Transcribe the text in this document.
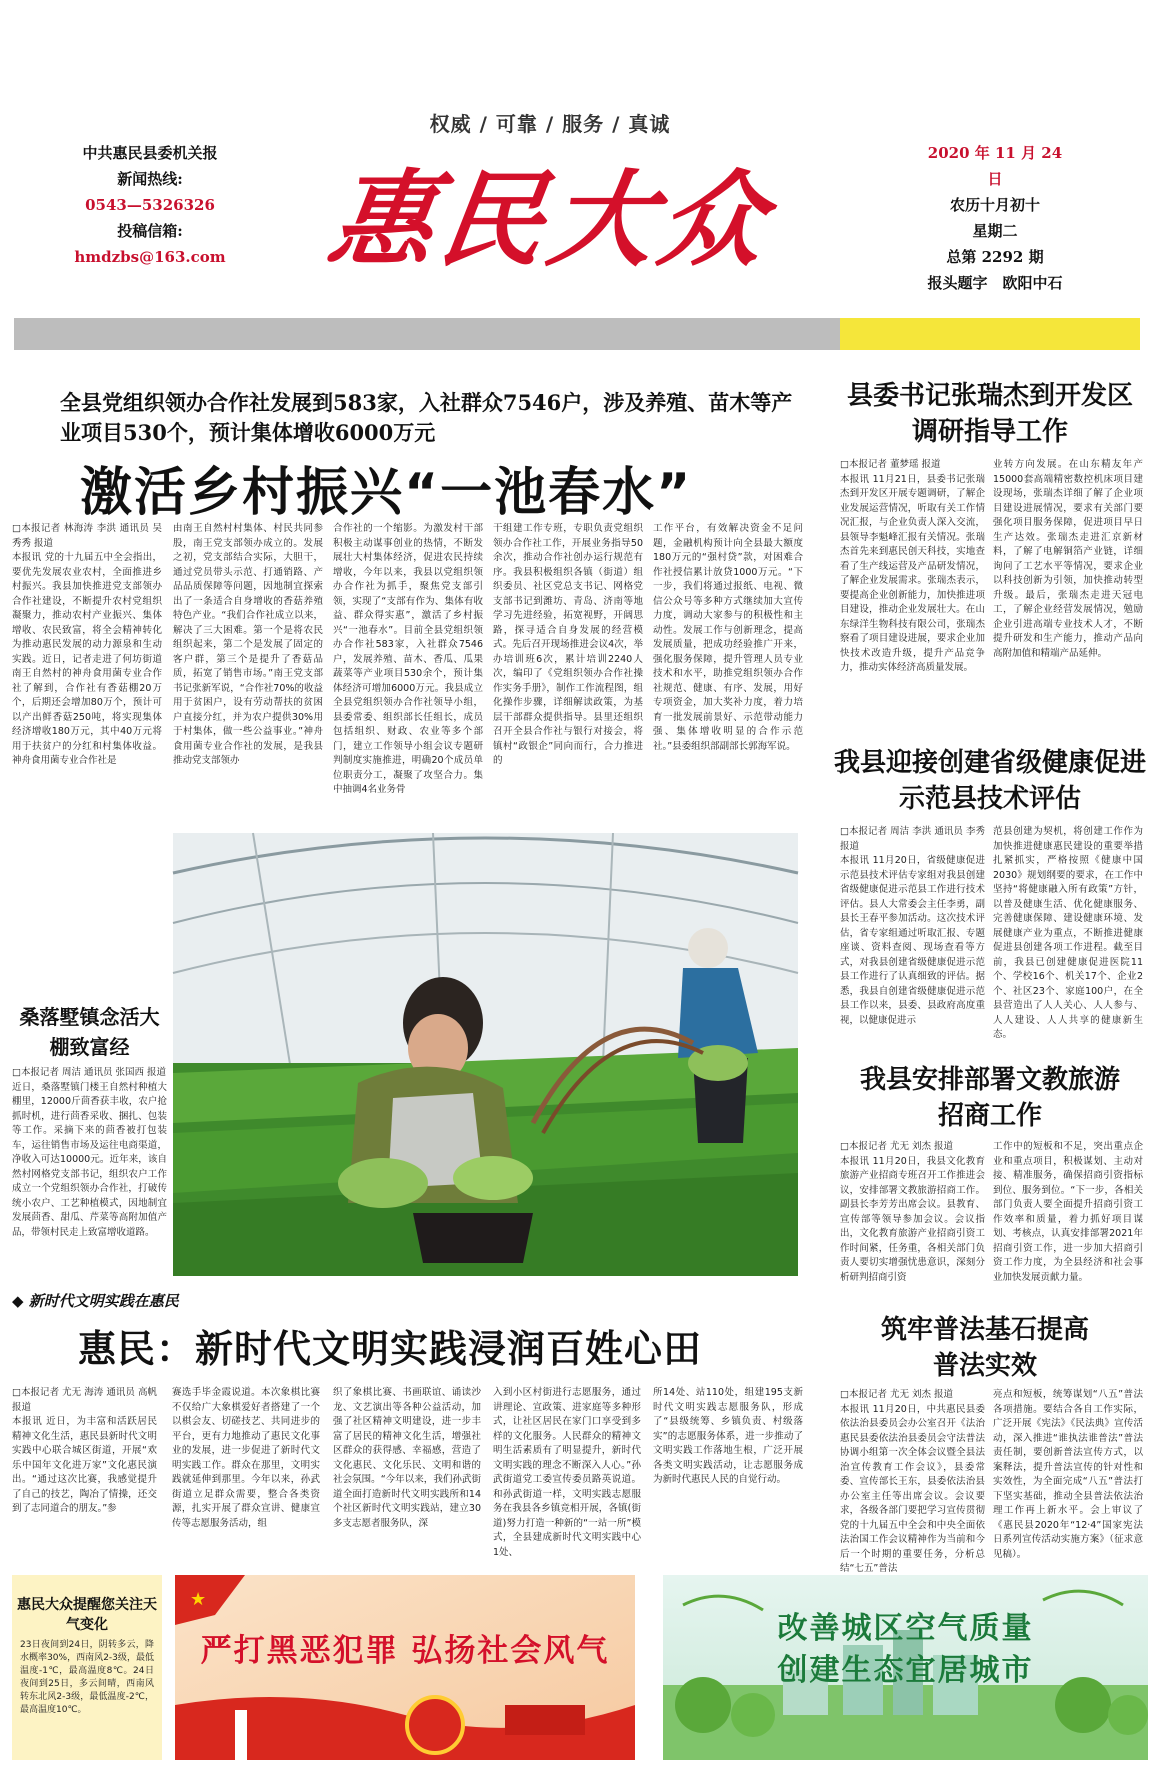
权威 / 可靠 / 服务 / 真诚
中共惠民县委机关报
新闻热线:
0543—5326326
投稿信箱:
hmdzbs@163.com 惠民大众
2020 年 11 月 24 日
农历十月初十
星期二
总第 2292 期
报头题字　欧阳中石
全县党组织领办合作社发展到583家，入社群众7546户，涉及养殖、苗木等产业项目530个，预计集体增收6000万元
激活乡村振兴“一池春水”
□本报记者 林海涛 李洪 通讯员 吴秀秀 报道
本报讯 党的十九届五中全会指出，要优先发展农业农村，全面推进乡村振兴。我县加快推进党支部领办合作社建设，不断提升农村党组织凝聚力，推动农村产业振兴、集体增收、农民致富，将全会精神转化为推动惠民发展的动力源泉和生动实践。近日，记者走进了何坊街道南王自然村的神舟食用菌专业合作社了解到，合作社有香菇棚20万个，后期还会增加80万个，预计可以产出鲜香菇250吨，将实现集体经济增收180万元，其中40万元将用于扶贫户的分红和村集体收益。神舟食用菌专业合作社是
由南王自然村村集体、村民共同参股，南王党支部领办成立的。发展之初，党支部结合实际，大胆干，通过党员带头示范、打通销路、产品品质保障等问题，因地制宜探索出了一条适合自身增收的香菇养殖特色产业。“我们合作社成立以来，解决了三大困难。第一个是将农民组织起来，第二个是发展了固定的客户群，第三个是提升了香菇品质，拓宽了销售市场。”南王党支部书记张新军说，“合作社70%的收益用于贫困户，设有劳动帮扶的贫困户直接分红，并为农户提供30%用于村集体，做一些公益事业。”神舟食用菌专业合作社的发展，是我县推动党支部领办
合作社的一个缩影。为激发村干部积极主动谋事创业的热情，不断发展壮大村集体经济，促进农民持续增收，今年以来，我县以党组织领办合作社为抓手，聚焦党支部引领，实现了“支部有作为、集体有收益、群众得实惠”，激活了乡村振兴“一池春水”。目前全县党组织领办合作社583家，入社群众7546户，发展养殖、苗木、香瓜、瓜果蔬菜等产业项目530余个，预计集体经济可增加6000万元。我县成立全县党组织领办合作社领导小组，县委常委、组织部长任组长，成员包括组织、财政、农业等多个部门，建立工作领导小组会议专题研判制度实施推进，明确20个成员单位职责分工，凝聚了攻坚合力。集中抽调4名业务骨
干组建工作专班，专职负责党组织领办合作社工作，开展业务指导50余次，推动合作社创办运行规范有序。我县积极组织各镇（街道）组织委员、社区党总支书记、网格党支部书记到潍坊、青岛、济南等地学习先进经验，拓宽视野，开阔思路，探寻适合自身发展的经营模式。先后召开现场推进会议4次，举办培训班6次，累计培训2240人次，编印了《党组织领办合作社操作实务手册》，制作工作流程图，组化操作步骤，详细解读政策，为基层干部群众提供指导。县里还组织召开全县合作社与银行对接会，将镇村“政银企”同向而行，合力推进的
工作平台，有效解决资金不足问题，金融机构预计向全县最大额度180万元的“强村贷”款，对困难合作社授信累计放贷1000万元。“下一步，我们将通过报纸、电视、微信公众号等多种方式继续加大宣传力度，调动大家参与的积极性和主动性。发展工作与创新理念，提高发展质量，把成功经验推广开来，强化服务保障，提升管理人员专业技术和水平，助推党组织领办合作社规范、健康、有序、发展，用好专项资金，加大奖补力度，着力培育一批发展前景好、示范带动能力强、集体增收明显的合作示范社。”县委组织部副部长郭海军说。
县委书记张瑞杰到开发区调研指导工作
□本报记者 董梦瑶 报道
本报讯 11月21日，县委书记张瑞杰到开发区开展专题调研，了解企业发展运营情况，听取有关工作情况汇报，与企业负责人深入交流，县领导李魁峰汇报有关情况。张瑞杰首先来到惠民创天科技，实地查看了生产线运营及产品研发情况，了解企业发展需求。张瑞杰表示，要提高企业创新能力，加快推进项目建设，推动企业发展壮大。在山东绿洋生物科技有限公司，张瑞杰察看了项目建设进展，要求企业加快技术改造升级，提升产品竞争力，推动实体经济高质量发展。
业转方向发展。在山东精友年产15000套高端精密数控机床项目建设现场，张瑞杰详细了解了企业项目建设进展情况，要求有关部门要强化项目服务保障，促进项目早日生产达效。张瑞杰走进汇京新材料，了解了电解铜箔产业链，详细询问了工艺水平等情况，要求企业以科技创新为引领，加快推动转型升级。最后，张瑞杰走进天冠电工，了解企业经营发展情况，勉励企业引进高端专业技术人才，不断提升研发和生产能力，推动产品向高附加值和精端产品延伸。
我县迎接创建省级健康促进示范县技术评估
□本报记者 周洁 李洪 通讯员 李秀 报道
本报讯 11月20日，省级健康促进示范县技术评估专家组对我县创建省级健康促进示范县工作进行技术评估。县人大常委会主任李勇，副县长王春平参加活动。这次技术评估，省专家组通过听取汇报、专题座谈、资料查阅、现场查看等方式，对我县创建省级健康促进示范县工作进行了认真细致的评估。据悉，我县自创建省级健康促进示范县工作以来，县委、县政府高度重视，以健康促进示
范县创建为契机，将创建工作作为加快推进健康惠民建设的重要举措扎紧抓实，严格按照《健康中国2030》规划纲要的要求，在工作中坚持“将健康融入所有政策”方针，以普及健康生活、优化健康服务、完善健康保障、建设健康环境、发展健康产业为重点，不断推进健康促进县创建各项工作进程。截至目前，我县已创建健康促进医院11个、学校16个、机关17个、企业2个、社区23个、家庭100户，在全县营造出了人人关心、人人参与、人人建设、人人共享的健康新生态。
我县安排部署文教旅游招商工作
□本报记者 尤无 刘杰 报道
本报讯 11月20日，我县文化教育旅游产业招商专班召开工作推进会议，安排部署文教旅游招商工作。副县长李芳芳出席会议。县教育、宣传部等领导参加会议。会议指出，文化教育旅游产业招商引资工作时间紧，任务重，各相关部门负责人要切实增强忧患意识，深刻分析研判招商引资
工作中的短板和不足，突出重点企业和重点项目，积极谋划、主动对接、精准服务，确保招商引资指标到位、服务到位。“下一步，各相关部门负责人要全面提升招商引资工作效率和质量，着力抓好项目谋划、考核点，认真安排部署2021年招商引资工作，进一步加大招商引资工作力度，为全县经济和社会事业加快发展贡献力量。
筑牢普法基石提高普法实效
□本报记者 尤无 刘杰 报道
本报讯 11月20日，中共惠民县委依法治县委员会办公室召开《法治惠民县委依法治县委员会守法普法协调小组第一次全体会议暨全县法治宣传教育工作会议》，县委常委、宣传部长王东，县委依法治县办公室主任等出席会议。会议要求，各级各部门要把学习宣传贯彻党的十九届五中全会和中央全面依法治国工作会议精神作为当前和今后一个时期的重要任务，分析总结“七五”普法
亮点和短板，统筹谋划“八五”普法各项措施。要结合各自工作实际，广泛开展《宪法》《民法典》宣传活动，深入推进“谁执法谁普法”普法责任制，要创新普法宣传方式，以案释法，提升普法宣传的针对性和实效性，为全面完成“八五”普法打下坚实基础，推动全县普法依法治理工作再上新水平。会上审议了《惠民县2020年“12·4”国家宪法日系列宣传活动实施方案》（征求意见稿）。
桑落墅镇念活大棚致富经
□本报记者 周洁 通讯员 张国西 报道
近日，桑落墅镇门楼王自然村种植大棚里，12000斤茴香获丰收，农户抢抓时机，进行茴香采收、捆扎、包装等工作。采摘下来的茴香被打包装车，运往销售市场及运往电商渠道，净收入可达10000元。近年来，该自然村网格党支部书记，组织农户工作成立一个党组织领办合作社，打破传统小农户、工艺种植模式，因地制宜发展茴香、甜瓜、芹菜等高附加值产品，带领村民走上致富增收道路。
◆ 新时代文明实践在惠民
惠民：新时代文明实践浸润百姓心田
□本报记者 尤无 海涛 通讯员 高帆 报道
本报讯 近日，为丰富和活跃居民精神文化生活，惠民县新时代文明实践中心联合城区街道，开展“欢乐中国年文化进万家”文化惠民演出。“通过这次比赛，我感觉提升了自己的技艺，陶冶了情操，还交到了志同道合的朋友。”参
赛选手毕金霞说道。本次象棋比赛不仅给广大象棋爱好者搭建了一个以棋会友、切磋技艺、共同进步的平台，更有力地推动了惠民文化事业的发展，进一步促进了新时代文明实践工作。群众在那里，文明实践就延伸到那里。今年以来，孙武街道立足群众需要，整合各类资源，扎实开展了群众宣讲、健康宣传等志愿服务活动，组
织了象棋比赛、书画联谊、诵读沙龙、文艺演出等各种公益活动，加强了社区精神文明建设，进一步丰富了居民的精神文化生活，增强社区群众的获得感、幸福感，营造了文化惠民、文化乐民、文明和谐的社会氛围。“今年以来，我们孙武街道全面打造新时代文明实践所和14个社区新时代文明实践站，建立30多支志愿者服务队，深
入到小区村街进行志愿服务，通过讲理论、宣政策、进家庭等多种形式，让社区居民在家门口享受到多样的文化服务。人民群众的精神文明生活素质有了明显提升，新时代文明实践的理念不断深入人心。”孙武街道党工委宣传委员路英说道。和孙武街道一样，文明实践志愿服务在我县各乡镇竞相开展，各镇(街道)努力打造一种新的“一站一所”模式，全县建成新时代文明实践中心1处、
所14处、站110处，组建195支新时代文明实践志愿服务队，形成了“县级统筹、乡镇负责、村级落实”的志愿服务体系，进一步推动了文明实践工作落地生根，广泛开展各类文明实践活动，让志愿服务成为新时代惠民人民的自觉行动。
惠民大众提醒您关注天气变化
23日夜间到24日，阴转多云，降水概率30%，西南风2-3级，最低温度-1℃，最高温度8℃。24日夜间到25日，多云间晴，西南风转东北风2-3级，最低温度-2℃，最高温度10℃。
★
严打黑恶犯罪 弘扬社会风气
改善城区空气质量
创建生态宜居城市
